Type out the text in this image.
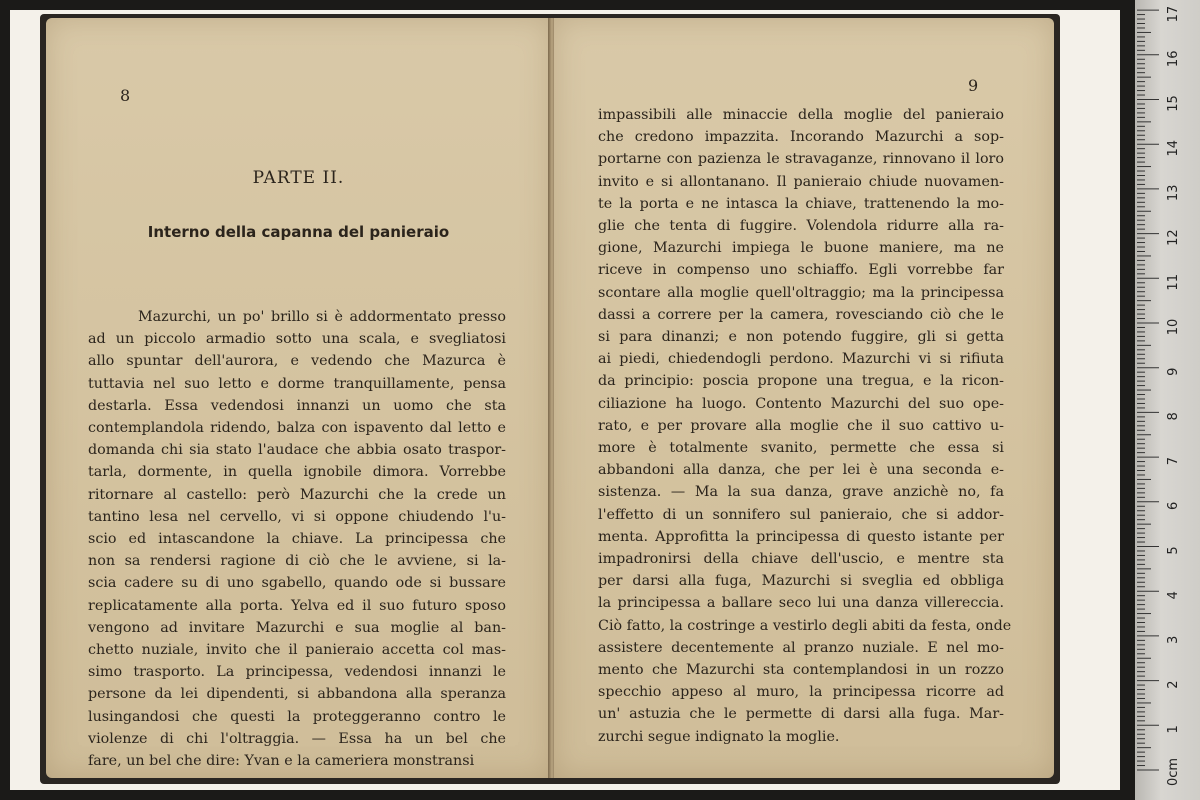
8
PARTE II.
Interno della capanna del panieraio
Mazurchi, un po' brillo si è addormentato presso
ad un piccolo armadio sotto una scala, e svegliatosi
allo spuntar dell'aurora, e vedendo che Mazurca è
tuttavia nel suo letto e dorme tranquillamente, pensa
destarla. Essa vedendosi innanzi un uomo che sta
contemplandola ridendo, balza con ispavento dal letto e
domanda chi sia stato l'audace che abbia osato traspor-
tarla, dormente, in quella ignobile dimora. Vorrebbe
ritornare al castello: però Mazurchi che la crede un
tantino lesa nel cervello, vi si oppone chiudendo l'u-
scio ed intascandone la chiave. La principessa che
non sa rendersi ragione di ciò che le avviene, si la-
scia cadere su di uno sgabello, quando ode si bussare
replicatamente alla porta. Yelva ed il suo futuro sposo
vengono ad invitare Mazurchi e sua moglie al ban-
chetto nuziale, invito che il panieraio accetta col mas-
simo trasporto. La principessa, vedendosi innanzi le
persone da lei dipendenti, si abbandona alla speranza
lusingandosi che questi la proteggeranno contro le
violenze di chi l'oltraggia. — Essa ha un bel che
fare, un bel che dire: Yvan e la cameriera monstransi
9
impassibili alle minaccie della moglie del panieraio
che credono impazzita. Incorando Mazurchi a sop-
portarne con pazienza le stravaganze, rinnovano il loro
invito e si allontanano. Il panieraio chiude nuovamen-
te la porta e ne intasca la chiave, trattenendo la mo-
glie che tenta di fuggire. Volendola ridurre alla ra-
gione, Mazurchi impiega le buone maniere, ma ne
riceve in compenso uno schiaffo. Egli vorrebbe far
scontare alla moglie quell'oltraggio; ma la principessa
dassi a correre per la camera, rovesciando ciò che le
si para dinanzi; e non potendo fuggire, gli si getta
ai piedi, chiedendogli perdono. Mazurchi vi si rifiuta
da principio: poscia propone una tregua, e la ricon-
ciliazione ha luogo. Contento Mazurchi del suo ope-
rato, e per provare alla moglie che il suo cattivo u-
more è totalmente svanito, permette che essa si
abbandoni alla danza, che per lei è una seconda e-
sistenza. — Ma la sua danza, grave anzichè no, fa
l'effetto di un sonnifero sul panieraio, che si addor-
menta. Approfitta la principessa di questo istante per
impadronirsi della chiave dell'uscio, e mentre sta
per darsi alla fuga, Mazurchi si sveglia ed obbliga
la principessa a ballare seco lui una danza villereccia.
Ciò fatto, la costringe a vestirlo degli abiti da festa, onde
assistere decentemente al pranzo nuziale. E nel mo-
mento che Mazurchi sta contemplandosi in un rozzo
specchio appeso al muro, la principessa ricorre ad
un' astuzia che le permette di darsi alla fuga. Mar-
zurchi segue indignato la moglie.
0cm
1
2
3
4
5
6
7
8
9
10
11
12
13
14
15
16
17
